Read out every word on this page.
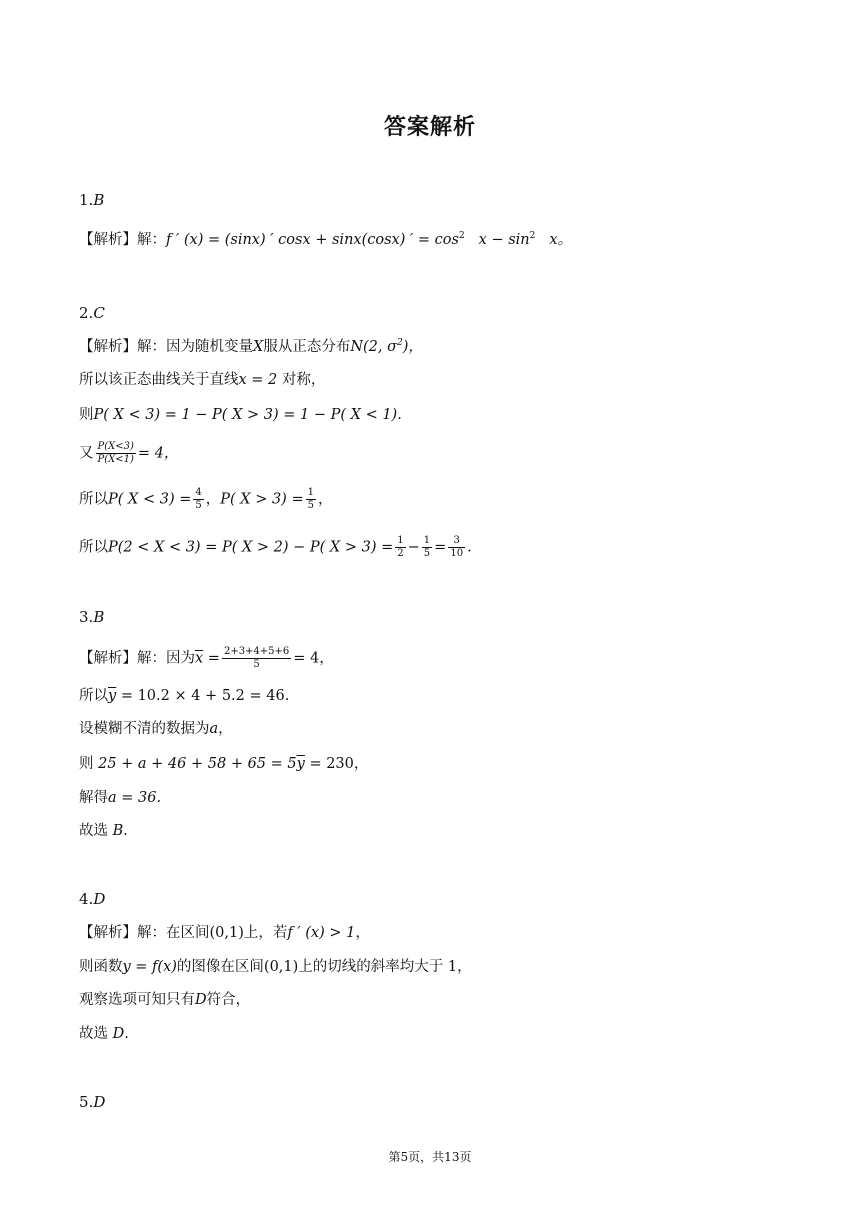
答案解析
1.B
【解析】解：f ′ (x) = (sinx) ′ cosx + sinx(cosx) ′ = $\cos^2 x - \sin^2 x$。
2.C
【解析】解：因为随机变量X服从正态分布N(2, $\sigma^2$)，
所以该正态曲线关于直线x = 2 对称，
则P( X < 3) = 1 − P( X > 3) = 1 − P( X < 1).
又 $\frac{P(X<3)}{P(X<1)} = 4$，
所以P( $X < 3) = \frac{4}{5}$ ，P( $X > 3) = \frac{1}{5}$ ，
所以P(2 < X < 3) = P( X > 2) − P( $X > 3) = \frac{1}{2} - \frac{1}{5} = \frac{3}{10}$ .
3.B
【解析】解：因为$\overline{x} = \frac{2+3+4+5+6}{5} = 4$，
所以$\overline{y} = 10.2 \times 4 + 5.2 = 46$.
设模糊不清的数据为a，
则 $25 + a + 46 + 58 + 65 = 5\overline{y} = 230$，
解得a = 36.
故选 B.
4.D
【解析】解：在区间(0,1)上，若f ′ (x) > 1，
则函数y = f(x)的图像在区间(0,1)上的切线的斜率均大于 1，
观察选项可知只有D符合，
故选 D.
5.D
第5页，共13页
